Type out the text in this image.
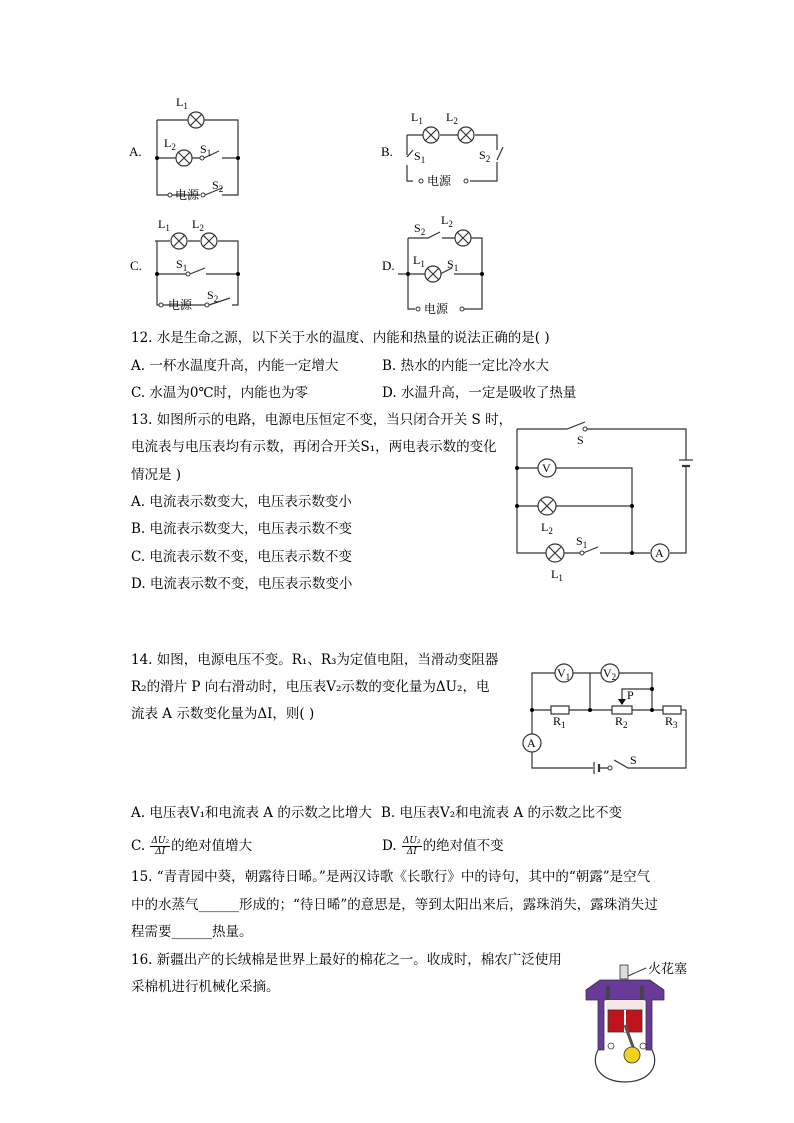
A.
$L_1$
$L_2$ $S_1$
电源
$S_2$
B.
$L_1$ $L_2$
$S_1$	$S_2$
电源
C.
$L_1$ $L_2$
$S_1$
电源
$S_2$
D.
$S_2$
$L_2$
$L_1$ $S_1$
电源
12. 水是生命之源，以下关于水的温度、内能和热量的说法正确的是( )
A. 一杯水温度升高，内能一定增大	B. 热水的内能一定比冷水大
C. 水温为0℃时，内能也为零	D. 水温升高，一定是吸收了热量
13. 如图所示的电路，电源电压恒定不变，当只闭合开关 S 时，
电流表与电压表均有示数，再闭合开关S₁，两电表示数的变化
情况是 )
A. 电流表示数变大，电压表示数变小
B. 电流表示数变大，电压表示数不变
C. 电流表示数不变，电压表示数不变
D. 电流表示数不变，电压表示数变小
S
V
$L_2$
$L_1$
$S_1$
A
14. 如图，电源电压不变。R₁、R₃为定值电阻，当滑动变阻器
R₂的滑片 P 向右滑动时，电压表V₂示数的变化量为ΔU₂，电
流表 A 示数变化量为ΔI，则( )
S
$V_1$	$V_2$
P
$R_1$	$R_2$	$R_3$
A
A. 电压表V₁和电流表 A 的示数之比增大 B. 电压表V₂和电流表 A 的示数之比不变
C. $\frac{\text{ΔU₂}}{\Delta I}$ 的绝对值增大	D. $\frac{\text{ΔU₂}}{\Delta I}$ 的绝对值不变
15. “青青园中葵，朝露待日晞。”是两汉诗歌《长歌行》中的诗句，其中的“朝露”是空气
中的水蒸气______形成的；“待日晞”的意思是，等到太阳出来后，露珠消失，露珠消失过
程需要______热量。
16. 新疆出产的长绒棉是世界上最好的棉花之一。收成时，棉农广泛使用
采棉机进行机械化采摘。
火花塞
